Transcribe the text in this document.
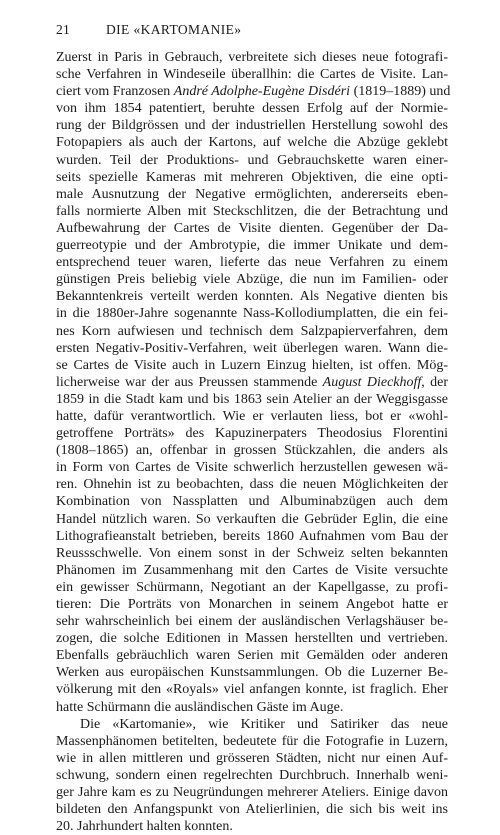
21	DIE «KARTOMANIE»
Zuerst in Paris in Gebrauch, verbreitete sich dieses neue fotografi-
sche Verfahren in Windeseile überallhin: die Cartes de Visite. Lan-
ciert vom Franzosen André Adolphe-Eugène Disdéri (1819–1889) und
von ihm 1854 patentiert, beruhte dessen Erfolg auf der Normie-
rung der Bildgrössen und der industriellen Herstellung sowohl des
Fotopapiers als auch der Kartons, auf welche die Abzüge geklebt
wurden. Teil der Produktions- und Gebrauchskette waren einer-
seits spezielle Kameras mit mehreren Objektiven, die eine opti-
male Ausnutzung der Negative ermöglichten, andererseits eben-
falls normierte Alben mit Steckschlitzen, die der Betrachtung und
Aufbewahrung der Cartes de Visite dienten. Gegenüber der Da-
guerreotypie und der Ambrotypie, die immer Unikate und dem-
entsprechend teuer waren, lieferte das neue Verfahren zu einem
günstigen Preis beliebig viele Abzüge, die nun im Familien- oder
Bekanntenkreis verteilt werden konnten. Als Negative dienten bis
in die 1880er-Jahre sogenannte Nass-Kollodiumplatten, die ein fei-
nes Korn aufwiesen und technisch dem Salzpapierverfahren, dem
ersten Negativ-Positiv-Verfahren, weit überlegen waren. Wann die-
se Cartes de Visite auch in Luzern Einzug hielten, ist offen. Mög-
licherweise war der aus Preussen stammende August Dieckhoff, der
1859 in die Stadt kam und bis 1863 sein Atelier an der Weggisgasse
hatte, dafür verantwortlich. Wie er verlauten liess, bot er «wohl-
getroffene Porträts» des Kapuzinerpaters Theodosius Florentini
(1808–1865) an, offenbar in grossen Stückzahlen, die anders als
in Form von Cartes de Visite schwerlich herzustellen gewesen wä-
ren. Ohnehin ist zu beobachten, dass die neuen Möglichkeiten der
Kombination von Nassplatten und Albuminabzügen auch dem
Handel nützlich waren. So verkauften die Gebrüder Eglin, die eine
Lithografieanstalt betrieben, bereits 1860 Aufnahmen vom Bau der
Reussschwelle. Von einem sonst in der Schweiz selten bekannten
Phänomen im Zusammenhang mit den Cartes de Visite versuchte
ein gewisser Schürmann, Negotiant an der Kapellgasse, zu profi-
tieren: Die Porträts von Monarchen in seinem Angebot hatte er
sehr wahrscheinlich bei einem der ausländischen Verlagshäuser be-
zogen, die solche Editionen in Massen herstellten und vertrieben.
Ebenfalls gebräuchlich waren Serien mit Gemälden oder anderen
Werken aus europäischen Kunstsammlungen. Ob die Luzerner Be-
völkerung mit den «Royals» viel anfangen konnte, ist fraglich. Eher
hatte Schürmann die ausländischen Gäste im Auge.
Die «Kartomanie», wie Kritiker und Satiriker das neue
Massenphänomen betitelten, bedeutete für die Fotografie in Luzern,
wie in allen mittleren und grösseren Städten, nicht nur einen Auf-
schwung, sondern einen regelrechten Durchbruch. Innerhalb weni-
ger Jahre kam es zu Neugründungen mehrerer Ateliers. Einige davon
bildeten den Anfangspunkt von Atelierlinien, die sich bis weit ins
20. Jahrhundert halten konnten.
